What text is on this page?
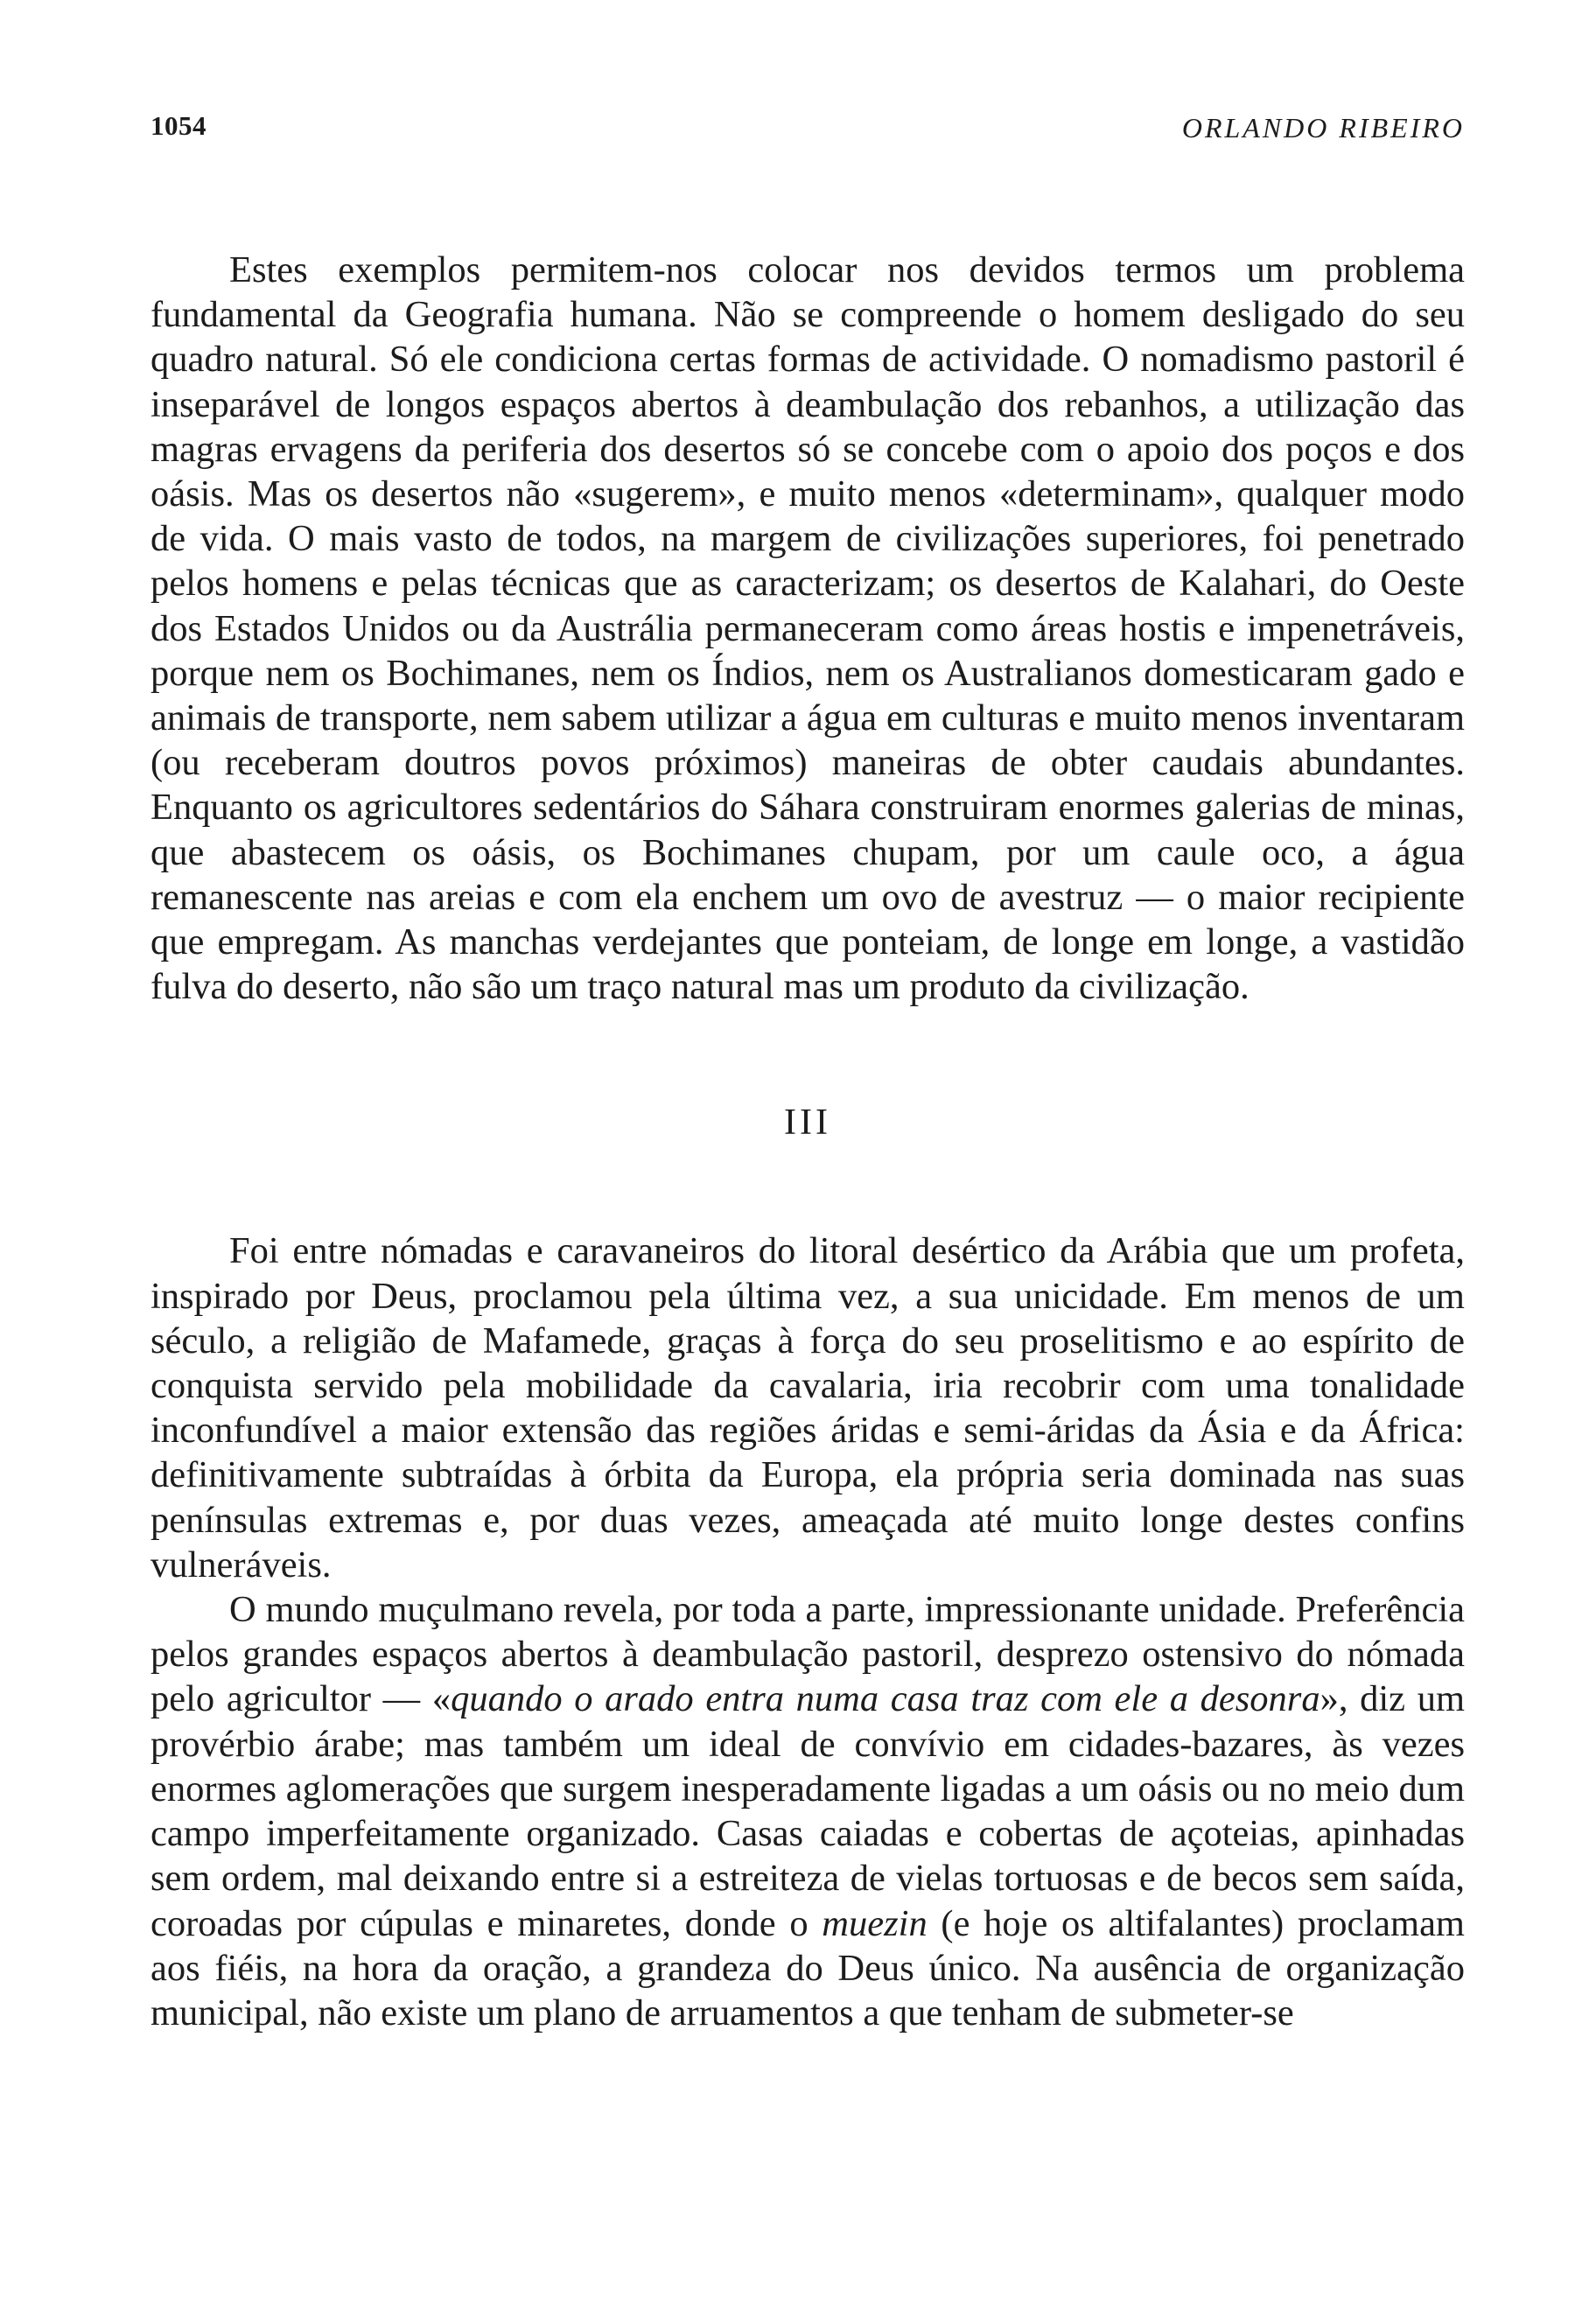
1054	ORLANDO RIBEIRO

Estes exemplos permitem-nos colocar nos devidos termos um problema fundamental da Geografia humana. Não se compreende o homem desligado do seu quadro natural. Só ele condiciona certas formas de actividade. O nomadismo pastoril é inseparável de longos espaços abertos à deambulação dos rebanhos, a utilização das magras ervagens da periferia dos desertos só se concebe com o apoio dos poços e dos oásis. Mas os desertos não «sugerem», e muito menos «determinam», qualquer modo de vida. O mais vasto de todos, na margem de civilizações superiores, foi penetrado pelos homens e pelas técnicas que as caracterizam; os desertos de Kalahari, do Oeste dos Estados Unidos ou da Austrália permaneceram como áreas hostis e impenetráveis, porque nem os Bochimanes, nem os Índios, nem os Australianos domesticaram gado e animais de transporte, nem sabem utilizar a água em culturas e muito menos inventaram (ou receberam doutros povos próximos) maneiras de obter caudais abundantes. Enquanto os agricultores sedentários do Sáhara construiram enormes galerias de minas, que abastecem os oásis, os Bochimanes chupam, por um caule oco, a água remanescente nas areias e com ela enchem um ovo de avestruz — o maior recipiente que empregam. As manchas verdejantes que ponteiam, de longe em longe, a vastidão fulva do deserto, não são um traço natural mas um produto da civilização.

III

Foi entre nómadas e caravaneiros do litoral desértico da Arábia que um profeta, inspirado por Deus, proclamou pela última vez, a sua unicidade. Em menos de um século, a religião de Mafamede, graças à força do seu proselitismo e ao espírito de conquista servido pela mobilidade da cavalaria, iria recobrir com uma tonalidade inconfundível a maior extensão das regiões áridas e semi-áridas da Ásia e da África: definitivamente subtraídas à órbita da Europa, ela própria seria dominada nas suas penínsulas extremas e, por duas vezes, ameaçada até muito longe destes confins vulneráveis.

O mundo muçulmano revela, por toda a parte, impressionante unidade. Preferência pelos grandes espaços abertos à deambulação pastoril, desprezo ostensivo do nómada pelo agricultor — «quando o arado entra numa casa traz com ele a desonra», diz um provérbio árabe; mas também um ideal de convívio em cidades-bazares, às vezes enormes aglomerações que surgem inesperadamente ligadas a um oásis ou no meio dum campo imperfeitamente organizado. Casas caiadas e cobertas de açoteias, apinhadas sem ordem, mal deixando entre si a estreiteza de vielas tortuosas e de becos sem saída, coroadas por cúpulas e minaretes, donde o muezin (e hoje os altifalantes) proclamam aos fiéis, na hora da oração, a grandeza do Deus único. Na ausência de organização municipal, não existe um plano de arruamentos a que tenham de submeter-se
